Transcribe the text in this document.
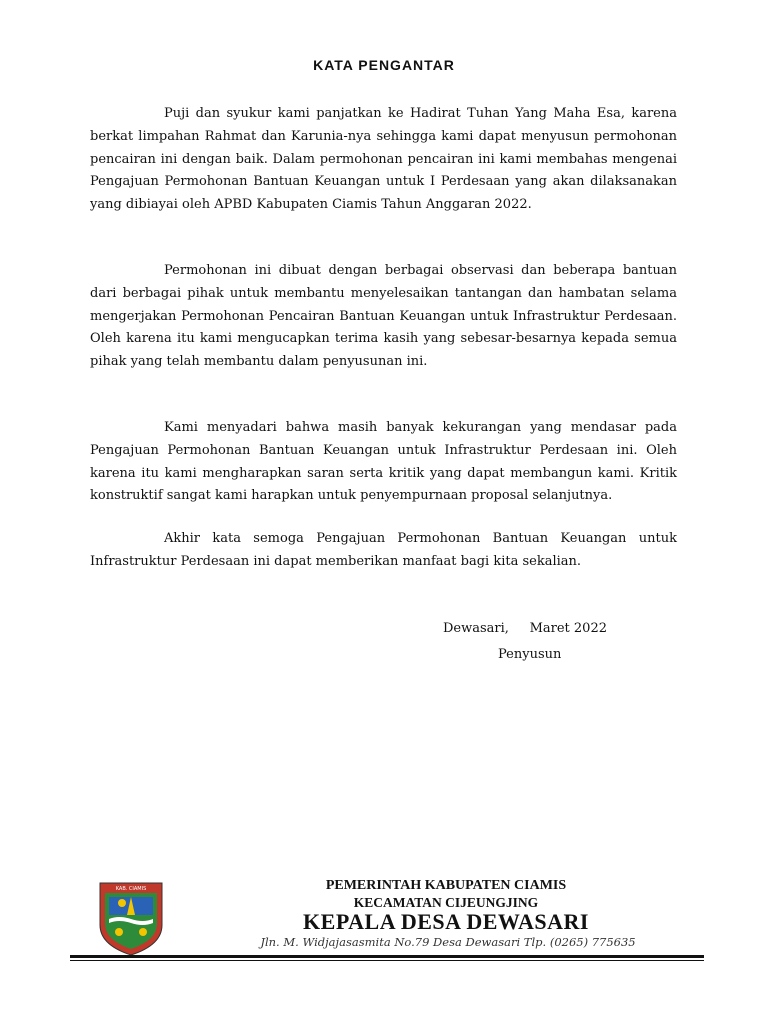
KATA PENGANTAR

Puji dan syukur kami panjatkan ke Hadirat Tuhan Yang Maha Esa, karena berkat limpahan Rahmat dan Karunia-nya sehingga kami dapat menyusun permohonan pencairan ini dengan baik. Dalam permohonan pencairan ini kami membahas mengenai Pengajuan Permohonan Bantuan Keuangan untuk I Perdesaan yang akan dilaksanakan yang dibiayai oleh APBD Kabupaten Ciamis Tahun Anggaran 2022.

Permohonan ini dibuat dengan berbagai observasi dan beberapa bantuan dari berbagai pihak untuk membantu menyelesaikan tantangan dan hambatan selama mengerjakan Permohonan Pencairan Bantuan Keuangan untuk Infrastruktur Perdesaan. Oleh karena itu kami mengucapkan terima kasih yang sebesar-besarnya kepada semua pihak yang telah membantu dalam penyusunan ini.

Kami menyadari bahwa masih banyak kekurangan yang mendasar pada Pengajuan Permohonan Bantuan Keuangan untuk Infrastruktur Perdesaan ini. Oleh karena itu kami mengharapkan saran serta kritik yang dapat membangun kami. Kritik konstruktif sangat kami harapkan untuk penyempurnaan proposal selanjutnya.

Akhir kata semoga Pengajuan Permohonan Bantuan Keuangan untuk Infrastruktur Perdesaan ini dapat memberikan manfaat bagi kita sekalian.

Dewasari,     Maret 2022
Penyusun
KAB. CIAMIS	PEMERINTAH KABUPATEN CIAMIS
KECAMATAN CIJEUNGJING
KEPALA DESA DEWASARI
Jln. M. Widjajasasmita No.79 Desa Dewasari Tlp. (0265) 775635
